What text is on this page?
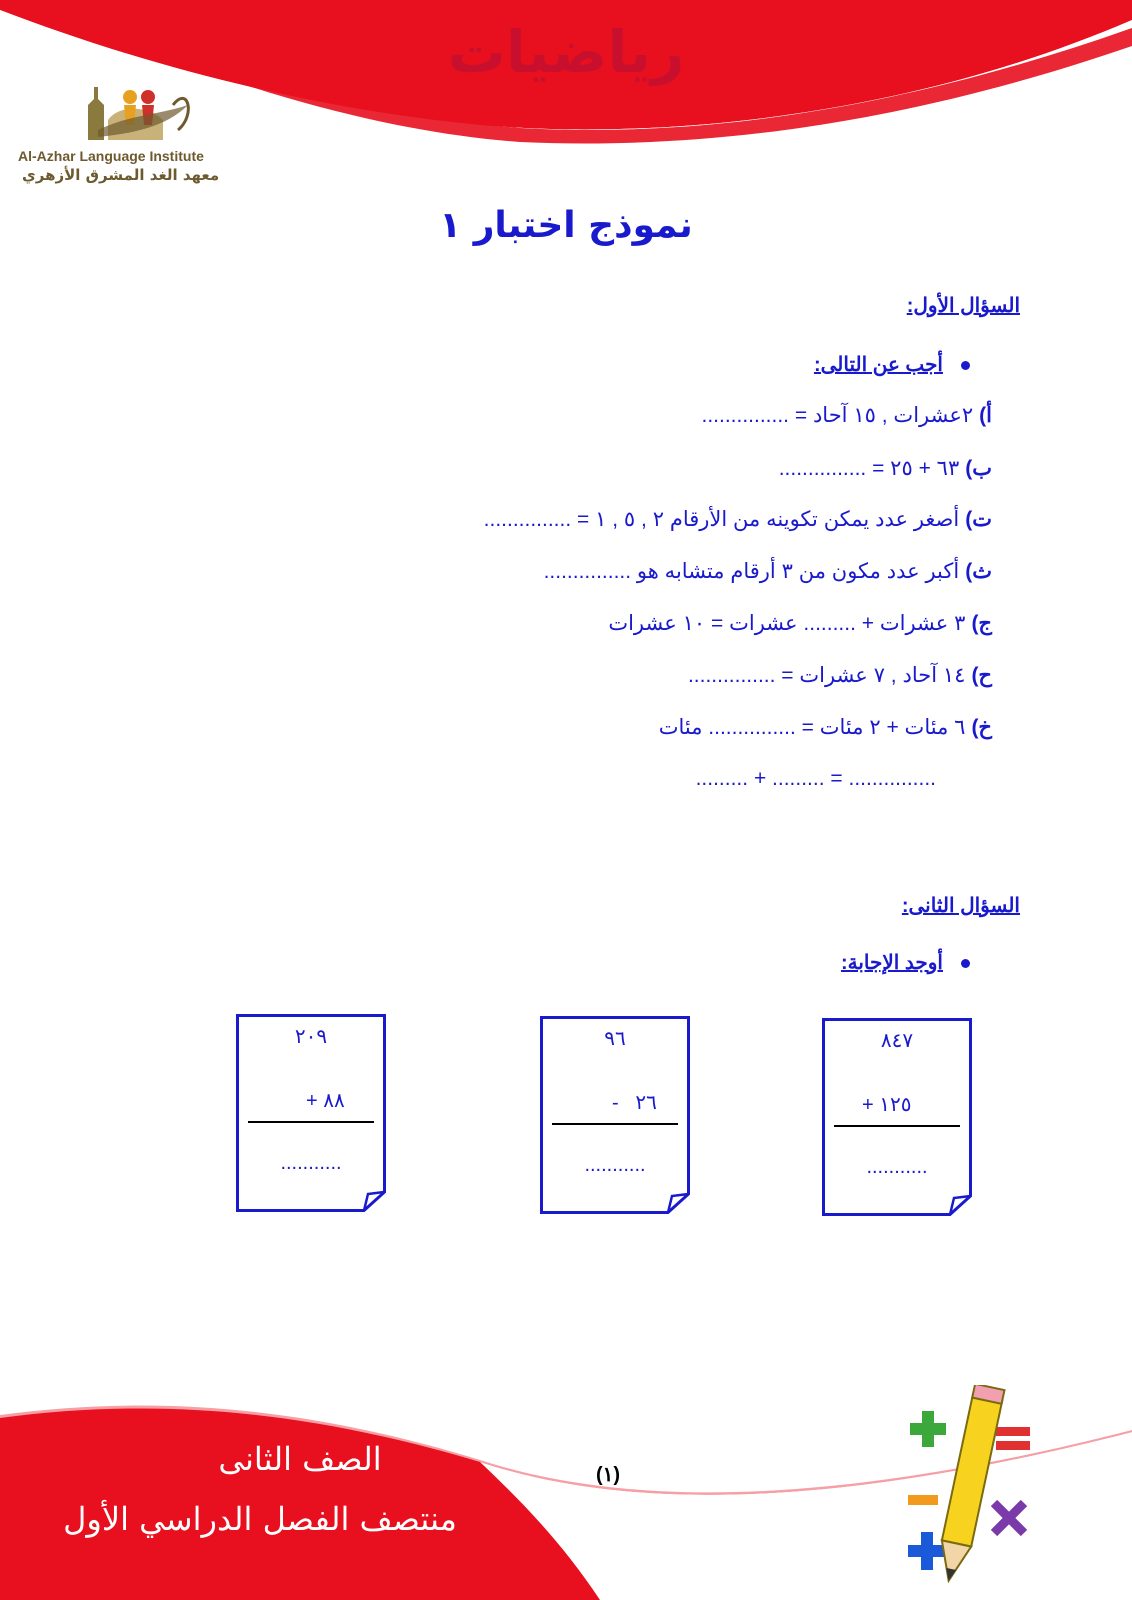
رياضيات
Al-Azhar Language Institute
معهد الغد المشرق الأزهري
نموذج اختبار ١
السؤال الأول:
أجب عن التالى:
أ)٢عشرات , ١٥ آحاد = ...............
ب)٦٣ + ٢٥ = ...............
ت)أصغر عدد يمكن تكوينه من الأرقام ٢ , ٥ , ١ = ...............
ث)أكبر عدد مكون من ٣ أرقام متشابه هو ...............
ج)٣ عشرات + ......... عشرات = ١٠ عشرات
ح)١٤ آحاد , ٧ عشرات = ...............
خ)٦ مئات + ٢ مئات = ............... مئات
......... + ......... = ...............
السؤال الثانى:
أوجد الإجابة:
٨٤٧
١٢٥ +
...........
٩٦
٢٦   -
...........
٢٠٩
٨٨ +
...........
(١)
الصف الثانى
منتصف الفصل الدراسي الأول
